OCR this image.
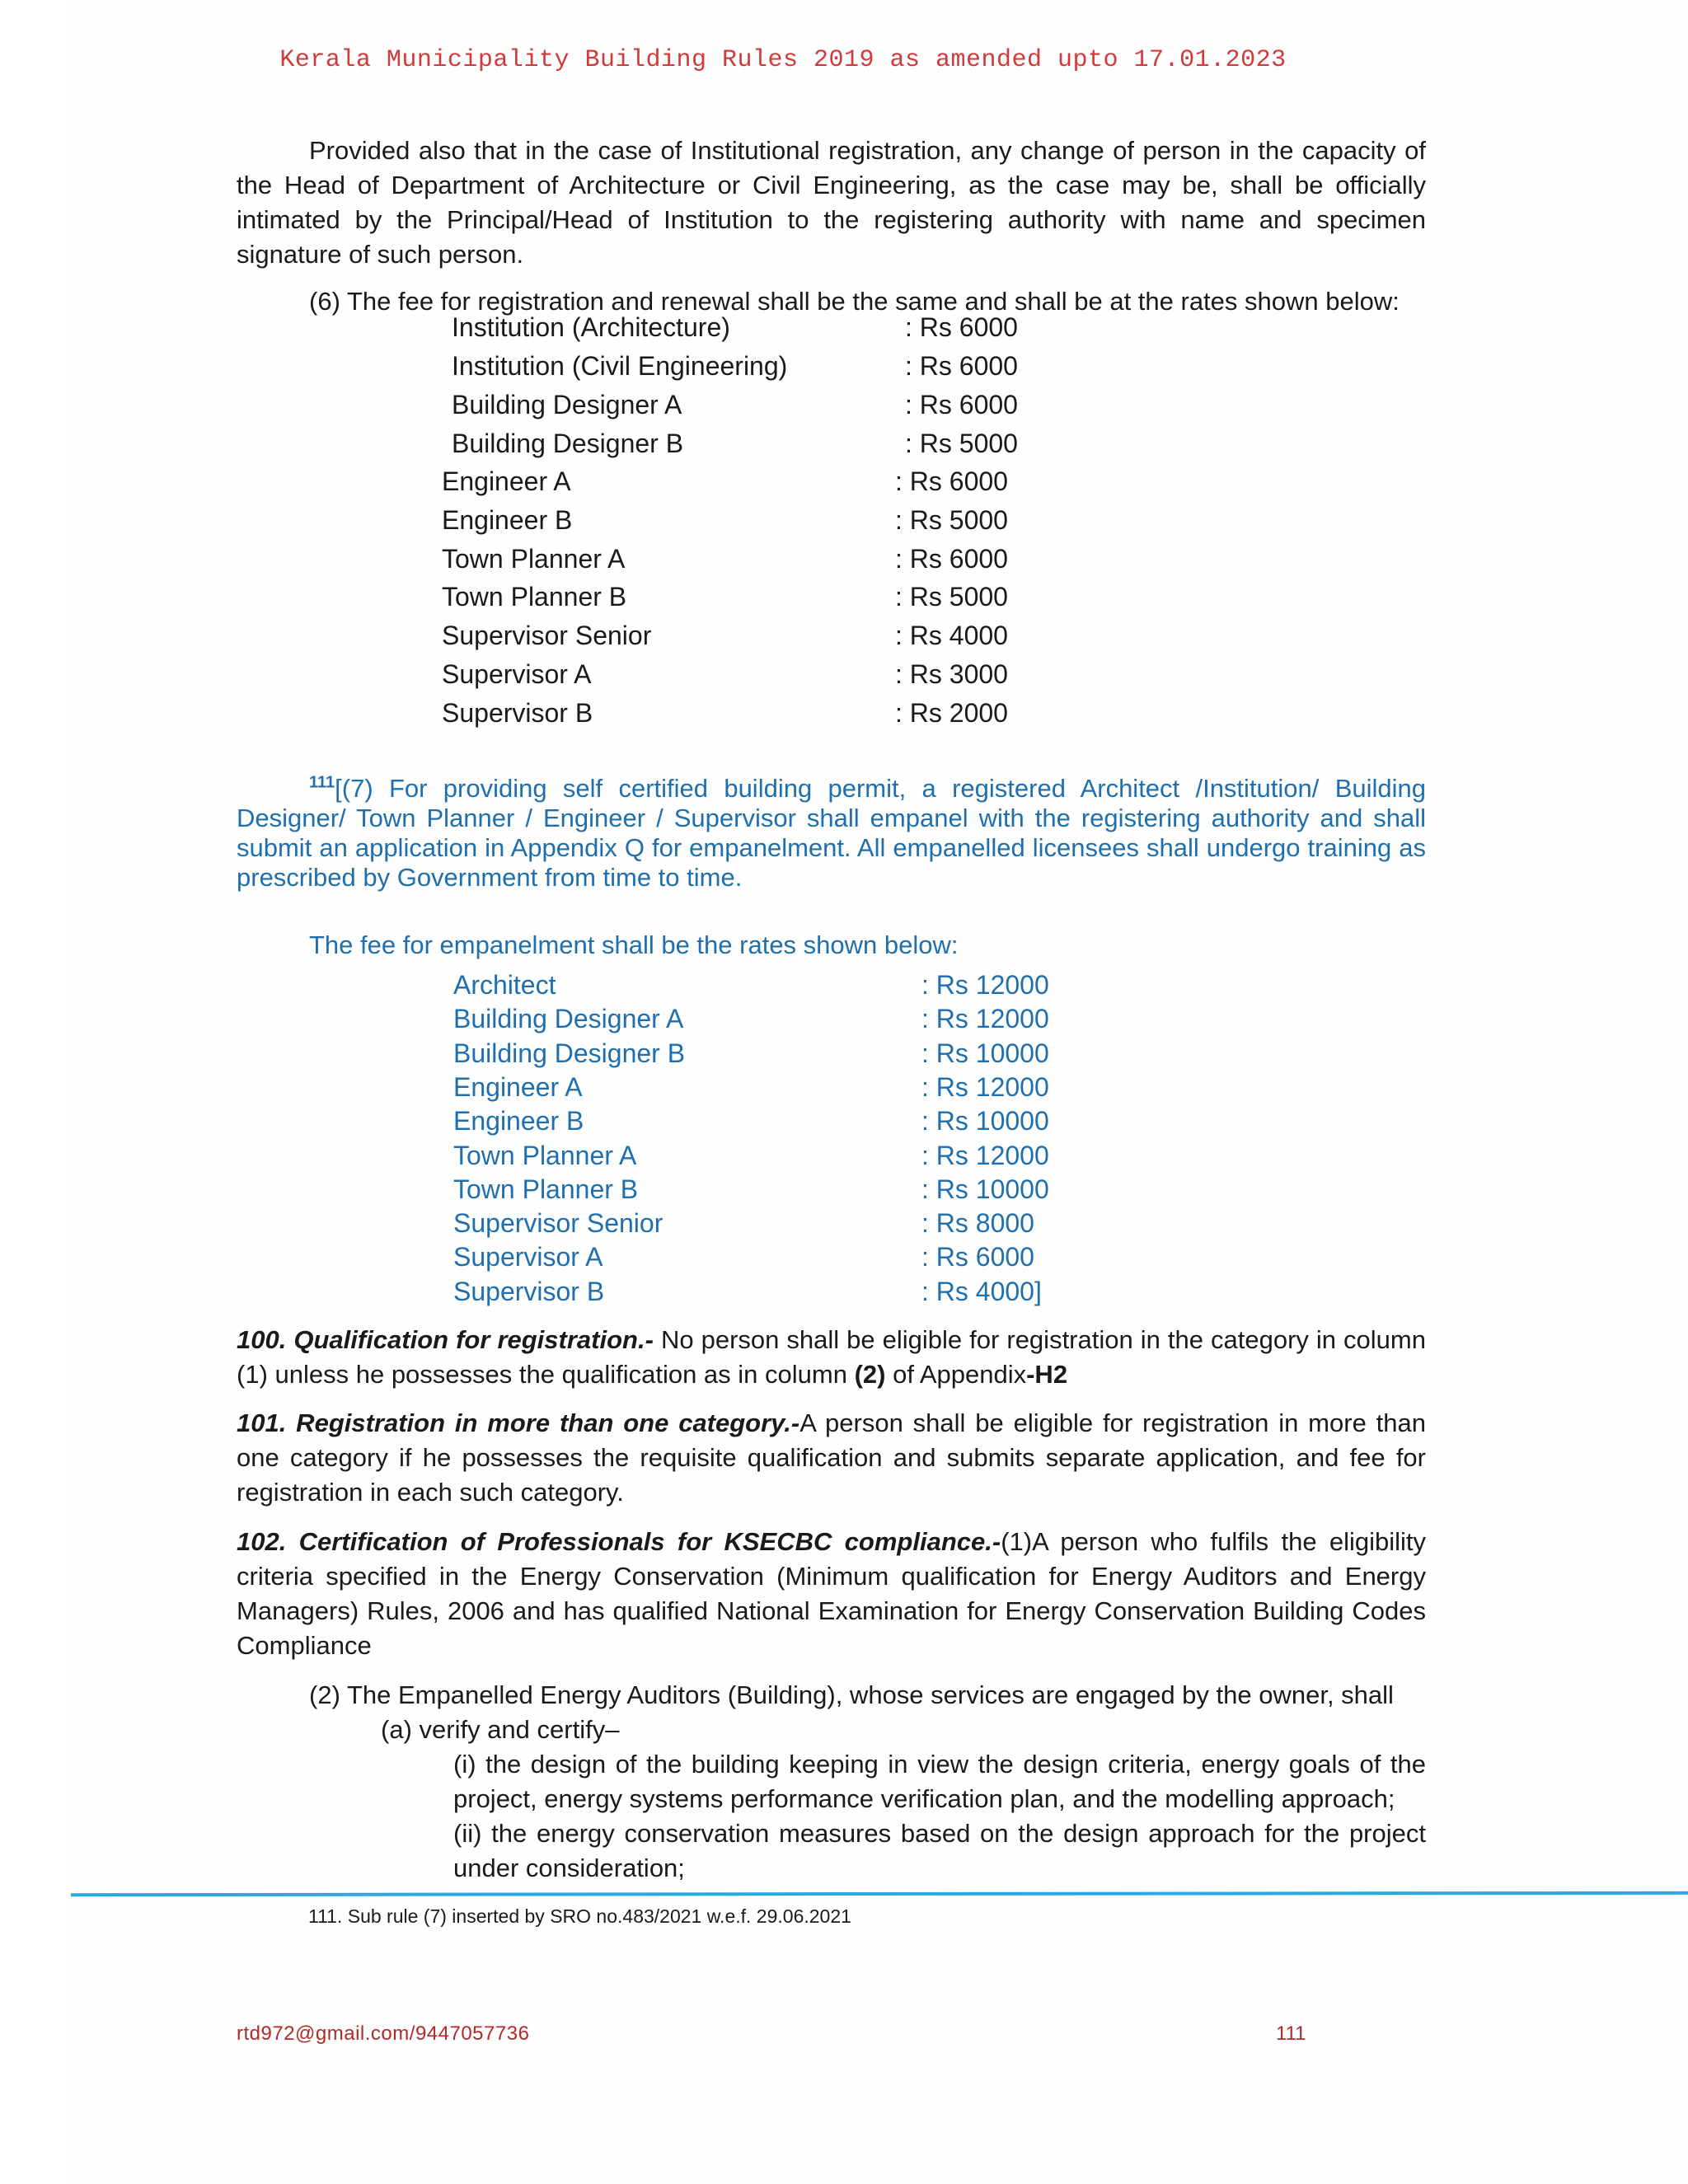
Kerala Municipality Building Rules 2019 as amended upto 17.01.2023
Provided also that in the case of Institutional registration, any change of person in the capacity of the Head of Department of Architecture or Civil Engineering, as the case may be, shall be officially intimated by the Principal/Head of Institution to the registering authority with name and specimen signature of such person.
(6) The fee for registration and renewal shall be the same and shall be at the rates shown below:
Institution (Architecture)	: Rs 6000
Institution (Civil Engineering)	: Rs 6000
Building Designer A	: Rs 6000
Building Designer B	: Rs 5000
Engineer A	: Rs 6000
Engineer B	: Rs 5000
Town Planner A	: Rs 6000
Town Planner B	: Rs 5000
Supervisor Senior	: Rs 4000
Supervisor A	: Rs 3000
Supervisor B	: Rs 2000
$^{111}$[(7) For providing self certified building permit, a registered Architect /Institution/ Building Designer/ Town Planner / Engineer / Supervisor shall empanel with the registering authority and shall submit an application in Appendix Q for empanelment. All empanelled licensees shall undergo training as prescribed by Government from time to time.
The fee for empanelment shall be the rates shown below:
Architect	: Rs 12000
Building Designer A	: Rs 12000
Building Designer B	: Rs 10000
Engineer A	: Rs 12000
Engineer B	: Rs 10000
Town Planner A	: Rs 12000
Town Planner B	: Rs 10000
Supervisor Senior	: Rs 8000
Supervisor A	: Rs 6000
Supervisor B	: Rs 4000]
100. Qualification for registration.- No person shall be eligible for registration in the category in column (1) unless he possesses the qualification as in column (2) of Appendix-H2
101. Registration in more than one category.-A person shall be eligible for registration in more than one category if he possesses the requisite qualification and submits separate application, and fee for registration in each such category.
102. Certification of Professionals for KSECBC compliance.-(1)A person who fulfils the eligibility criteria specified in the Energy Conservation (Minimum qualification for Energy Auditors and Energy Managers) Rules, 2006 and has qualified National Examination for Energy Conservation Building Codes Compliance
(2) The Empanelled Energy Auditors (Building), whose services are engaged by the owner, shall
(a) verify and certify–
(i) the design of the building keeping in view the design criteria, energy goals of the project, energy systems performance verification plan, and the modelling approach;
(ii) the energy conservation measures based on the design approach for the project under consideration;
111. Sub rule (7) inserted by SRO no.483/2021 w.e.f. 29.06.2021
rtd972@gmail.com/9447057736	111
